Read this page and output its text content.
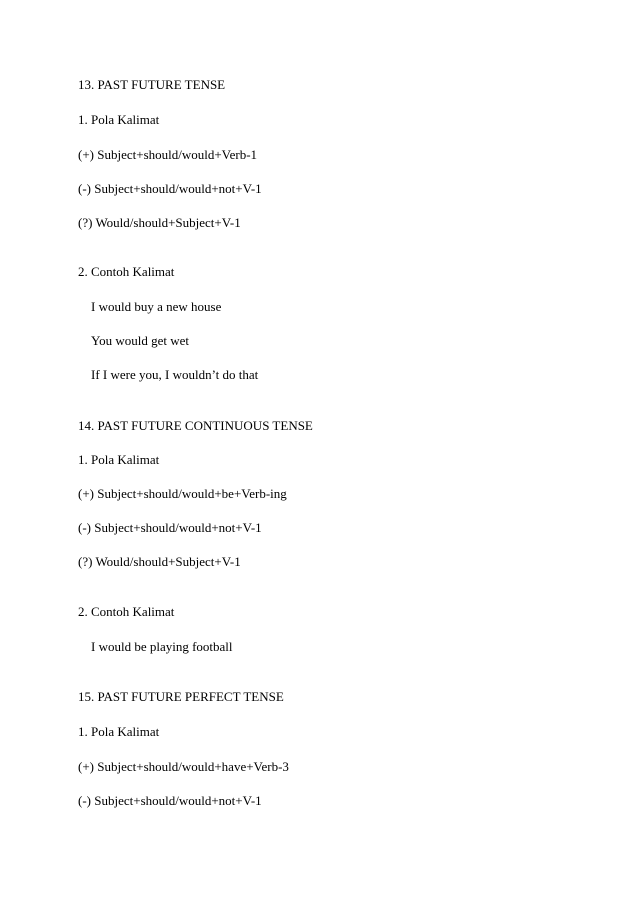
13. PAST FUTURE TENSE
1. Pola Kalimat
(+) Subject+should/would+Verb-1
(-) Subject+should/would+not+V-1
(?) Would/should+Subject+V-1
2. Contoh Kalimat
I would buy a new house
You would get wet
If I were you, I wouldn’t do that
14. PAST FUTURE CONTINUOUS TENSE
1. Pola Kalimat
(+) Subject+should/would+be+Verb-ing
(-) Subject+should/would+not+V-1
(?) Would/should+Subject+V-1
2. Contoh Kalimat
I would be playing football
15. PAST FUTURE PERFECT TENSE
1. Pola Kalimat
(+) Subject+should/would+have+Verb-3
(-) Subject+should/would+not+V-1
